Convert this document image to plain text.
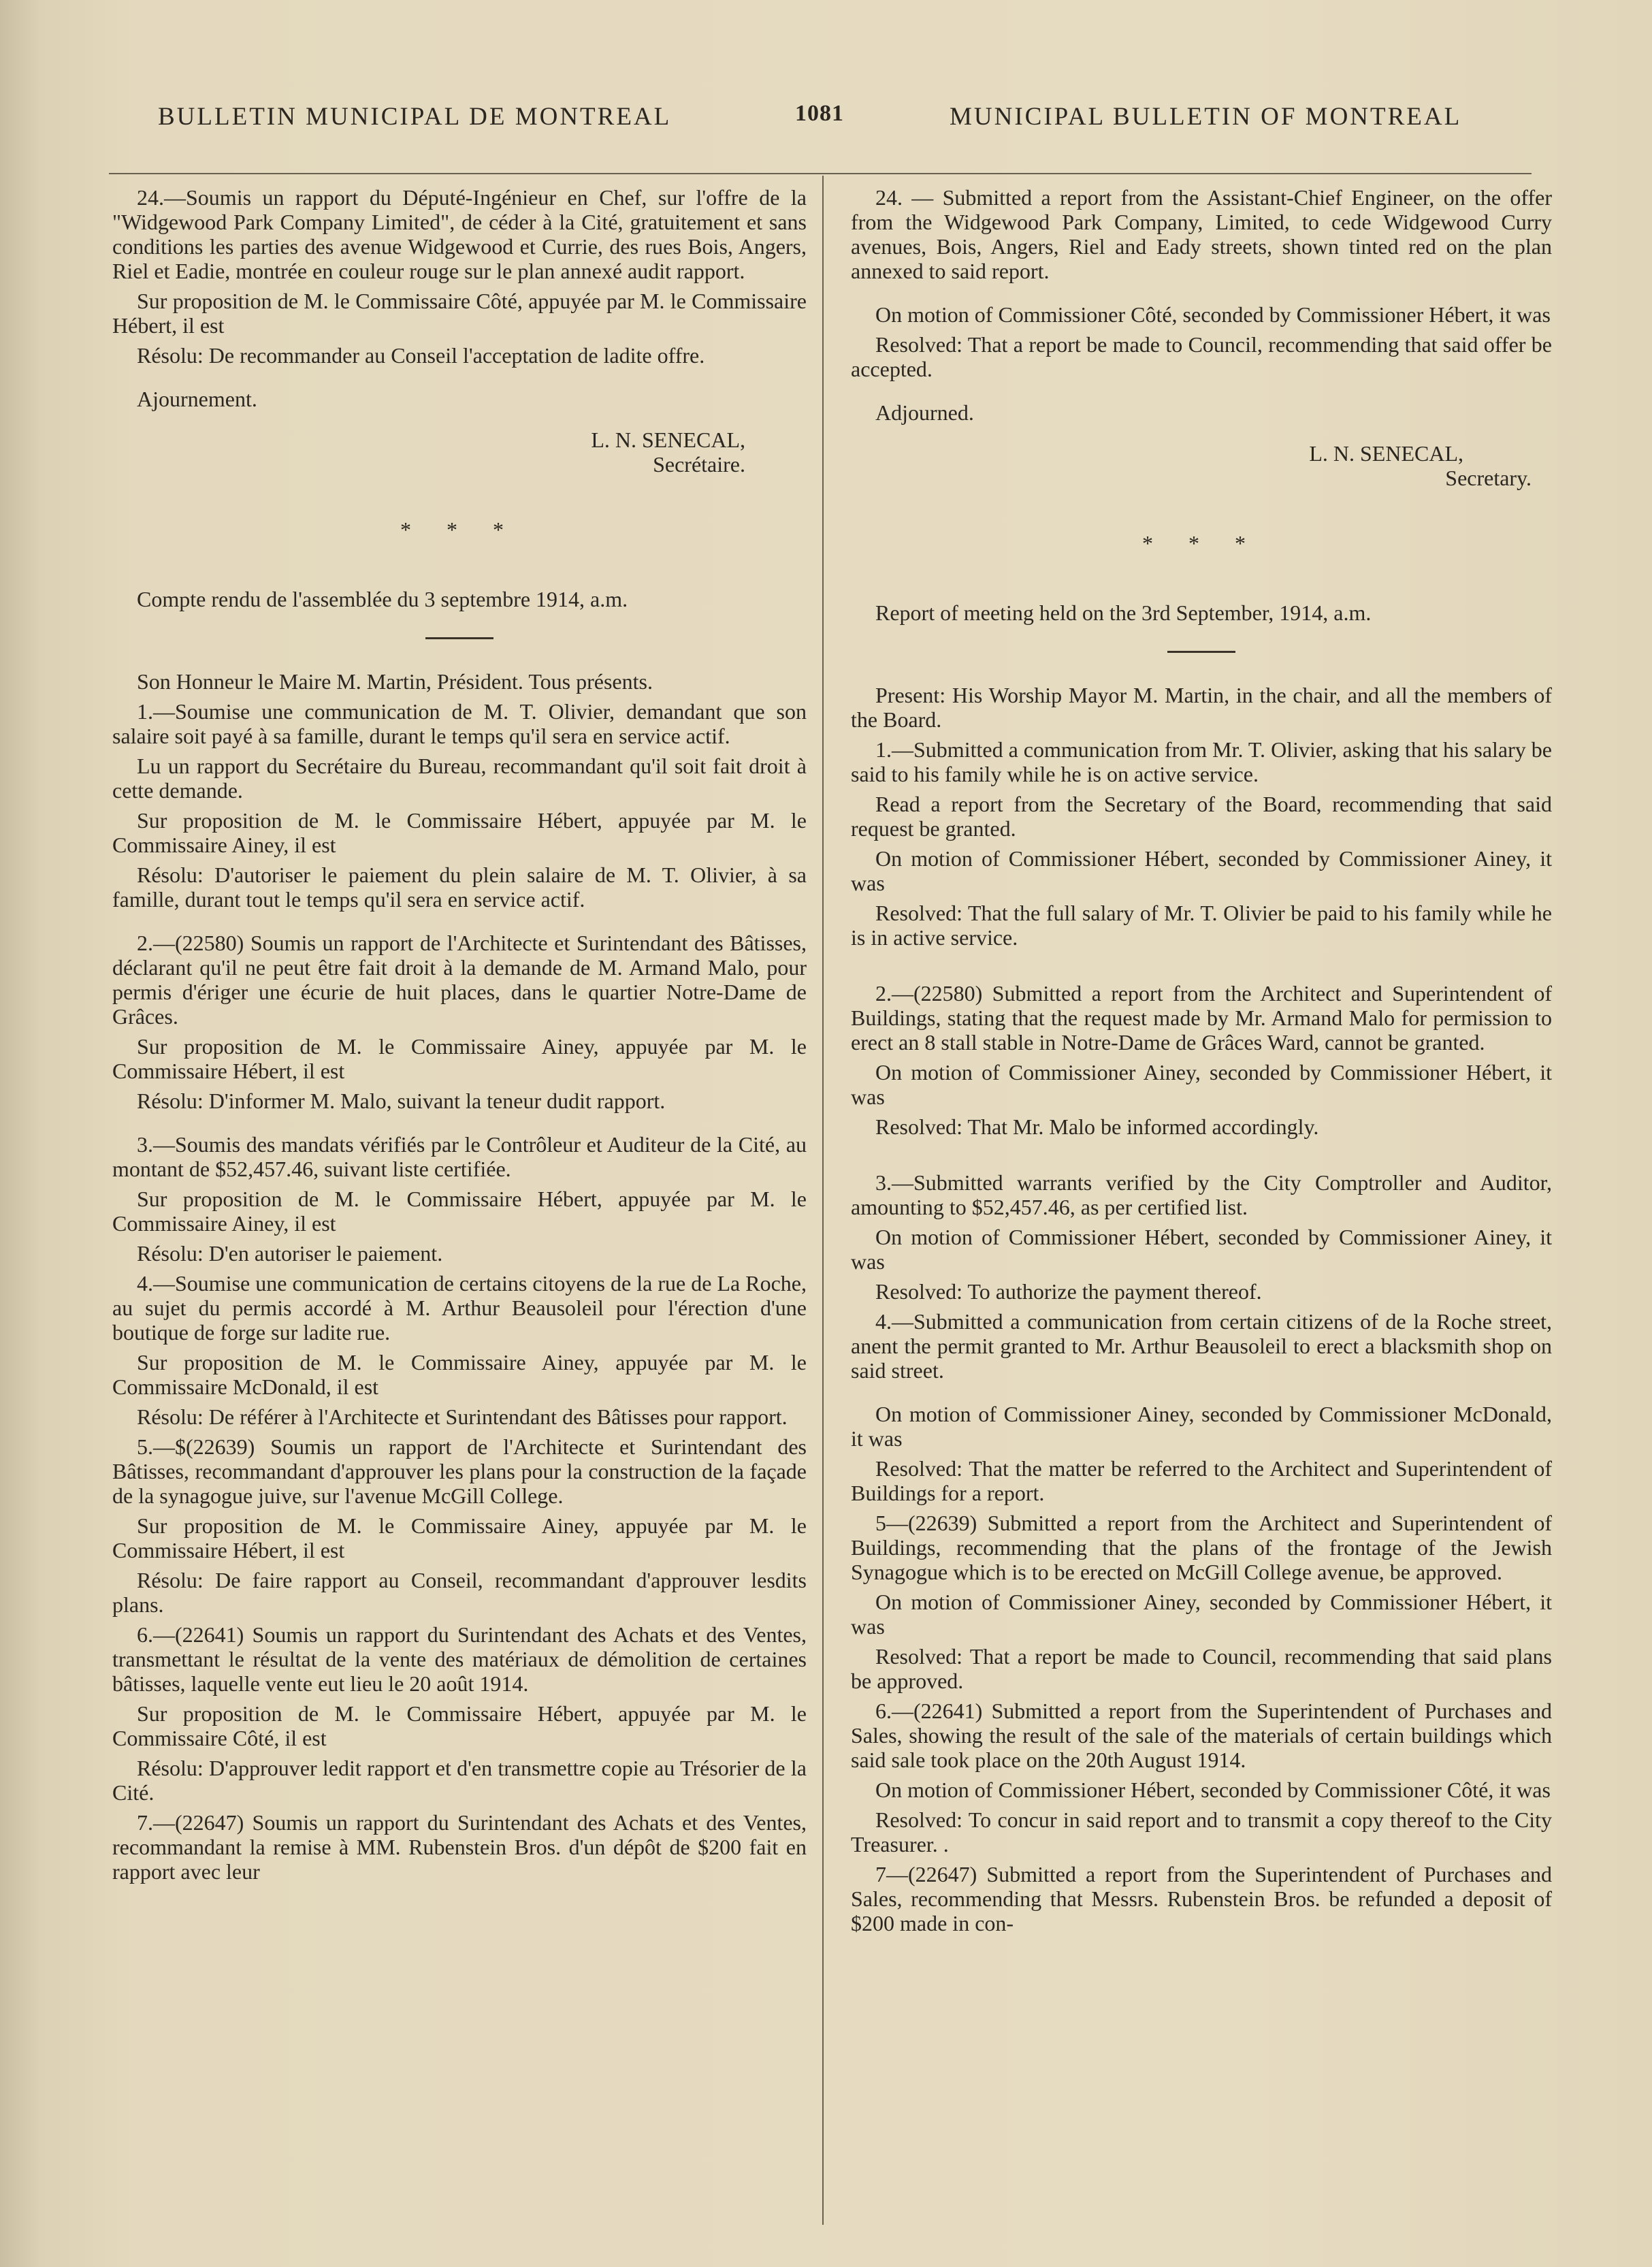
BULLETIN MUNICIPAL DE MONTREAL	1081	MUNICIPAL BULLETIN OF MONTREAL

24.—Soumis un rapport du Député-Ingénieur en Chef, sur l'offre de la "Widgewood Park Company Limited", de céder à la Cité, gratuitement et sans conditions les parties des avenue Widgewood et Currie, des rues Bois, Angers, Riel et Eadie, montrée en couleur rouge sur le plan annexé audit rapport.

Sur proposition de M. le Commissaire Côté, appuyée par M. le Commissaire Hébert, il est

Résolu: De recommander au Conseil l'acceptation de ladite offre.

Ajournement.

L. N. SENECAL,

Secrétaire.

* * *

Compte rendu de l'assemblée du 3 septembre 1914, a.m.

Son Honneur le Maire M. Martin, Président. Tous présents.

1.—Soumise une communication de M. T. Olivier, demandant que son salaire soit payé à sa famille, durant le temps qu'il sera en service actif.

Lu un rapport du Secrétaire du Bureau, recommandant qu'il soit fait droit à cette demande.

Sur proposition de M. le Commissaire Hébert, appuyée par M. le Commissaire Ainey, il est

Résolu: D'autoriser le paiement du plein salaire de M. T. Olivier, à sa famille, durant tout le temps qu'il sera en service actif.

2.—(22580) Soumis un rapport de l'Architecte et Surintendant des Bâtisses, déclarant qu'il ne peut être fait droit à la demande de M. Armand Malo, pour permis d'ériger une écurie de huit places, dans le quartier Notre-Dame de Grâces.

Sur proposition de M. le Commissaire Ainey, appuyée par M. le Commissaire Hébert, il est

Résolu: D'informer M. Malo, suivant la teneur dudit rapport.

3.—Soumis des mandats vérifiés par le Contrôleur et Auditeur de la Cité, au montant de $52,457.46, suivant liste certifiée.

Sur proposition de M. le Commissaire Hébert, appuyée par M. le Commissaire Ainey, il est

Résolu: D'en autoriser le paiement.

4.—Soumise une communication de certains citoyens de la rue de La Roche, au sujet du permis accordé à M. Arthur Beausoleil pour l'érection d'une boutique de forge sur ladite rue.

Sur proposition de M. le Commissaire Ainey, appuyée par M. le Commissaire McDonald, il est

Résolu: De référer à l'Architecte et Surintendant des Bâtisses pour rapport.

5.—$(22639) Soumis un rapport de l'Architecte et Surintendant des Bâtisses, recommandant d'approuver les plans pour la construction de la façade de la synagogue juive, sur l'avenue McGill College.

Sur proposition de M. le Commissaire Ainey, appuyée par M. le Commissaire Hébert, il est

Résolu: De faire rapport au Conseil, recommandant d'approuver lesdits plans.

6.—(22641) Soumis un rapport du Surintendant des Achats et des Ventes, transmettant le résultat de la vente des matériaux de démolition de certaines bâtisses, laquelle vente eut lieu le 20 août 1914.

Sur proposition de M. le Commissaire Hébert, appuyée par M. le Commissaire Côté, il est

Résolu: D'approuver ledit rapport et d'en transmettre copie au Trésorier de la Cité.

7.—(22647) Soumis un rapport du Surintendant des Achats et des Ventes, recommandant la remise à MM. Rubenstein Bros. d'un dépôt de $200 fait en rapport avec leur

24. — Submitted a report from the Assistant-Chief Engineer, on the offer from the Widgewood Park Company, Limited, to cede Widgewood Curry avenues, Bois, Angers, Riel and Eady streets, shown tinted red on the plan annexed to said report.

On motion of Commissioner Côté, seconded by Commissioner Hébert, it was

Resolved: That a report be made to Council, recommending that said offer be accepted.

Adjourned.

L. N. SENECAL,

Secretary.

* * *

Report of meeting held on the 3rd September, 1914, a.m.

Present: His Worship Mayor M. Martin, in the chair, and all the members of the Board.

1.—Submitted a communication from Mr. T. Olivier, asking that his salary be said to his family while he is on active service.

Read a report from the Secretary of the Board, recommending that said request be granted.

On motion of Commissioner Hébert, seconded by Commissioner Ainey, it was

Resolved: That the full salary of Mr. T. Olivier be paid to his family while he is in active service.

2.—(22580) Submitted a report from the Architect and Superintendent of Buildings, stating that the request made by Mr. Armand Malo for permission to erect an 8 stall stable in Notre-Dame de Grâces Ward, cannot be granted.

On motion of Commissioner Ainey, seconded by Commissioner Hébert, it was

Resolved: That Mr. Malo be informed accordingly.

3.—Submitted warrants verified by the City Comptroller and Auditor, amounting to $52,457.46, as per certified list.

On motion of Commissioner Hébert, seconded by Commissioner Ainey, it was

Resolved: To authorize the payment thereof.

4.—Submitted a communication from certain citizens of de la Roche street, anent the permit granted to Mr. Arthur Beausoleil to erect a blacksmith shop on said street.

On motion of Commissioner Ainey, seconded by Commissioner McDonald, it was

Resolved: That the matter be referred to the Architect and Superintendent of Buildings for a report.

5—(22639) Submitted a report from the Architect and Superintendent of Buildings, recommending that the plans of the frontage of the Jewish Synagogue which is to be erected on McGill College avenue, be approved.

On motion of Commissioner Ainey, seconded by Commissioner Hébert, it was

Resolved: That a report be made to Council, recommending that said plans be approved.

6.—(22641) Submitted a report from the Superintendent of Purchases and Sales, showing the result of the sale of the materials of certain buildings which said sale took place on the 20th August 1914.

On motion of Commissioner Hébert, seconded by Commissioner Côté, it was

Resolved: To concur in said report and to transmit a copy thereof to the City Treasurer. .

7—(22647) Submitted a report from the Superintendent of Purchases and Sales, recommending that Messrs. Rubenstein Bros. be refunded a deposit of $200 made in con-
